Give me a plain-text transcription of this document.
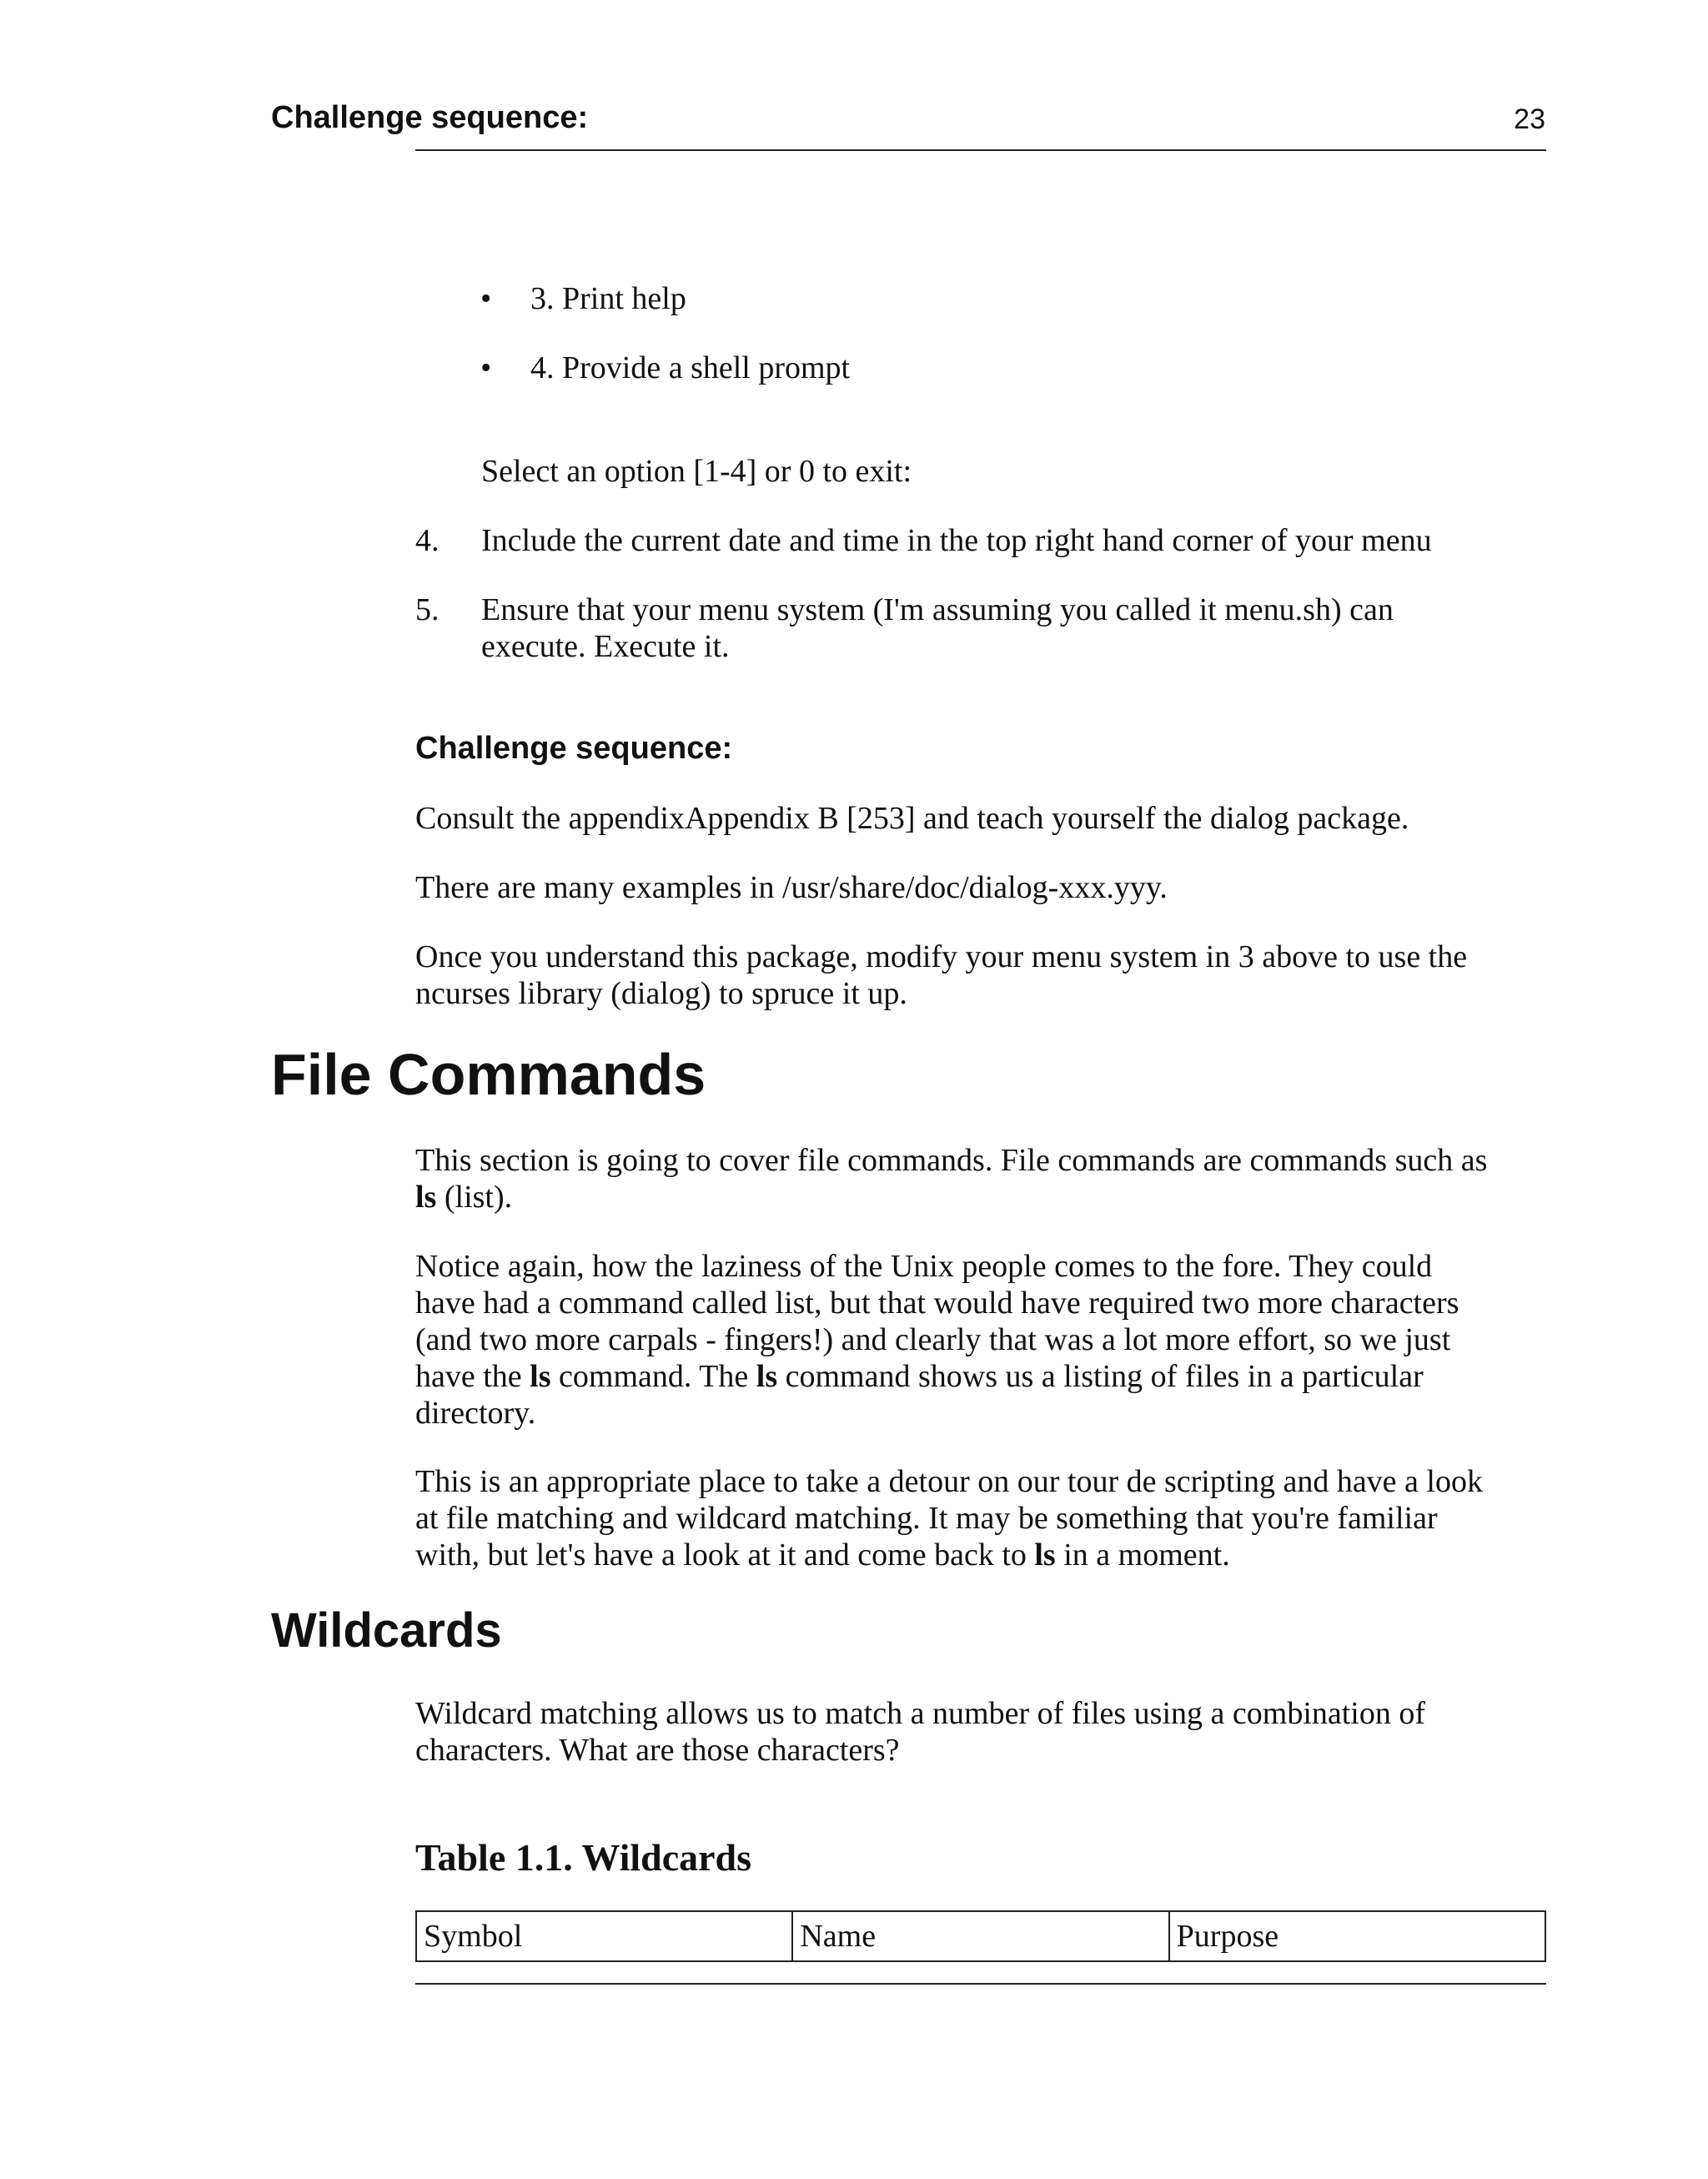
Challenge sequence:	23
• 3. Print help
• 4. Provide a shell prompt
Select an option [1-4] or 0 to exit:
4. Include the current date and time in the top right hand corner of your menu
5. Ensure that your menu system (I'm assuming you called it menu.sh) can
execute. Execute it.
Challenge sequence:
Consult the appendixAppendix B [253] and teach yourself the dialog package.
There are many examples in /usr/share/doc/dialog-xxx.yyy.
Once you understand this package, modify your menu system in 3 above to use the
ncurses library (dialog) to spruce it up.
File Commands
This section is going to cover file commands. File commands are commands such as
ls (list).
Notice again, how the laziness of the Unix people comes to the fore. They could
have had a command called list, but that would have required two more characters
(and two more carpals - fingers!) and clearly that was a lot more effort, so we just
have the ls command. The ls command shows us a listing of files in a particular
directory.
This is an appropriate place to take a detour on our tour de scripting and have a look
at file matching and wildcard matching. It may be something that you're familiar
with, but let's have a look at it and come back to ls in a moment.
Wildcards
Wildcard matching allows us to match a number of files using a combination of
characters. What are those characters?
Table 1.1. Wildcards
Symbol	Name	Purpose
